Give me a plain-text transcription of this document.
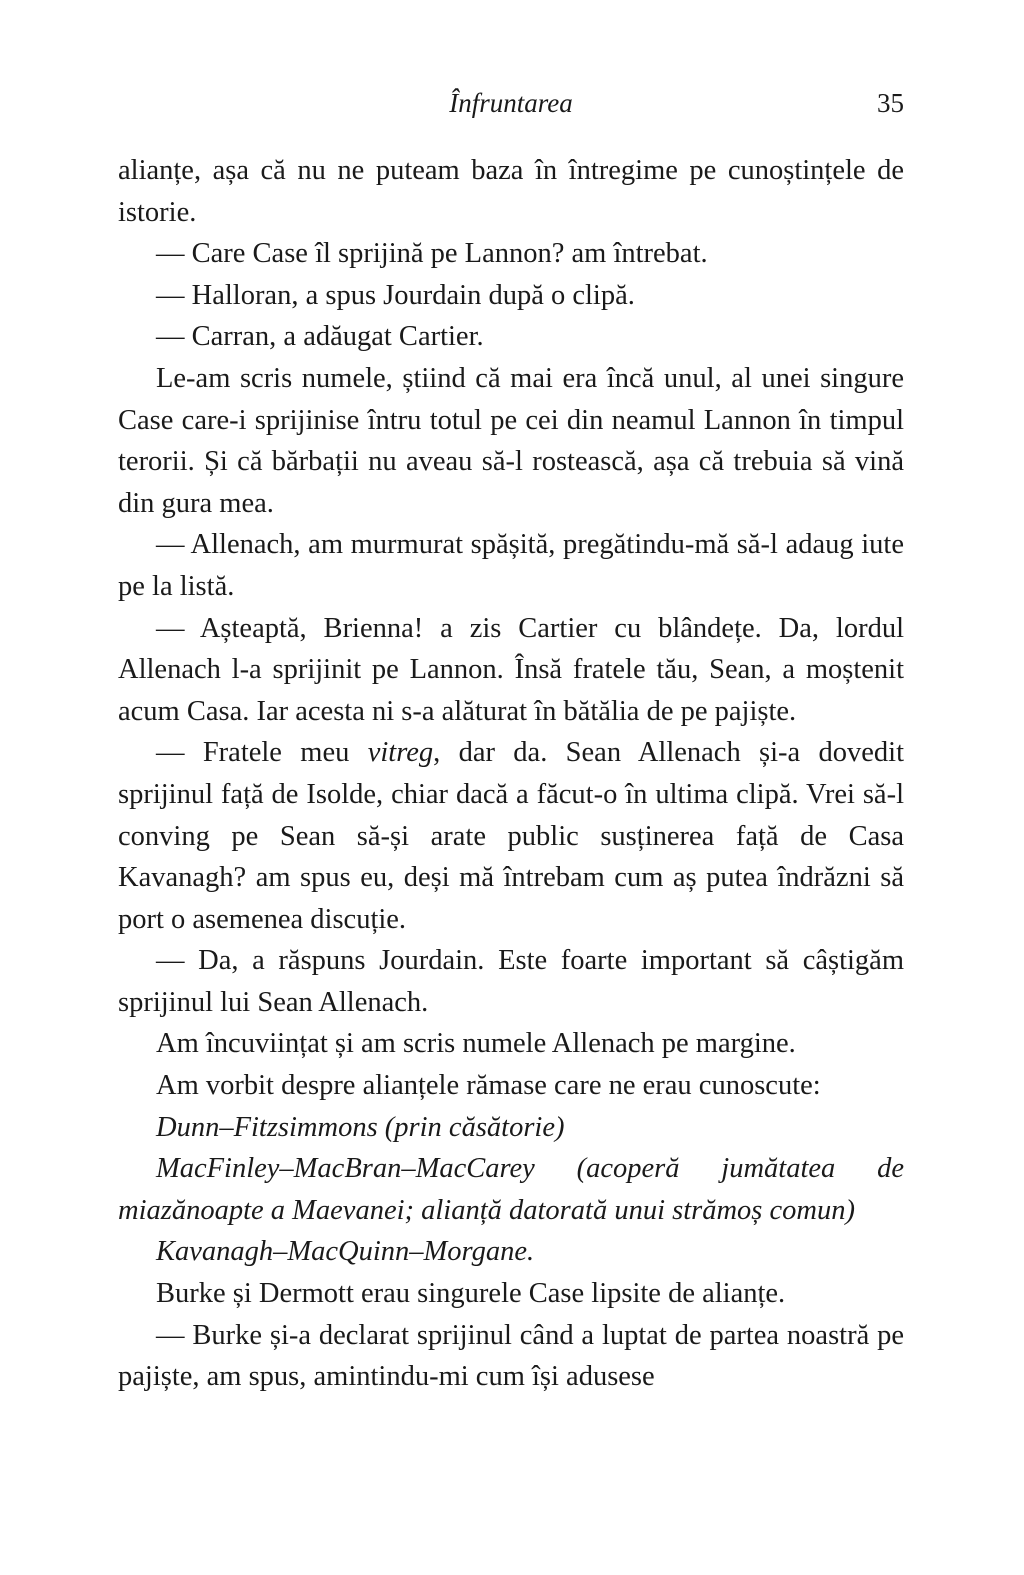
Înfruntarea	35

alianțe, așa că nu ne puteam baza în întregime pe cunoștințele de istorie.

— Care Case îl sprijină pe Lannon? am întrebat.

— Halloran, a spus Jourdain după o clipă.

— Carran, a adăugat Cartier.

Le-am scris numele, știind că mai era încă unul, al unei singure Case care-i sprijinise întru totul pe cei din neamul Lannon în timpul terorii. Și că bărbații nu aveau să-l rostească, așa că trebuia să vină din gura mea.

— Allenach, am murmurat spășită, pregătindu-mă să-l adaug iute pe la listă.

— Așteaptă, Brienna! a zis Cartier cu blândețe. Da, lordul Allenach l-a sprijinit pe Lannon. Însă fratele tău, Sean, a moștenit acum Casa. Iar acesta ni s-a alăturat în bătălia de pe pajiște.

— Fratele meu vitreg, dar da. Sean Allenach și-a dovedit sprijinul față de Isolde, chiar dacă a făcut-o în ultima clipă. Vrei să-l conving pe Sean să-și arate public susținerea față de Casa Kavanagh? am spus eu, deși mă întrebam cum aș putea îndrăzni să port o asemenea discuție.

— Da, a răspuns Jourdain. Este foarte important să câștigăm sprijinul lui Sean Allenach.

Am încuviințat și am scris numele Allenach pe margine.

Am vorbit despre alianțele rămase care ne erau cunoscute:

Dunn–Fitzsimmons (prin căsătorie)

MacFinley–MacBran–MacCarey (acoperă jumătatea de miazănoapte a Maevanei; alianță datorată unui strămoș comun)

Kavanagh–MacQuinn–Morgane.

Burke și Dermott erau singurele Case lipsite de alianțe.

— Burke și-a declarat sprijinul când a luptat de partea noastră pe pajiște, am spus, amintindu-mi cum își adusese
